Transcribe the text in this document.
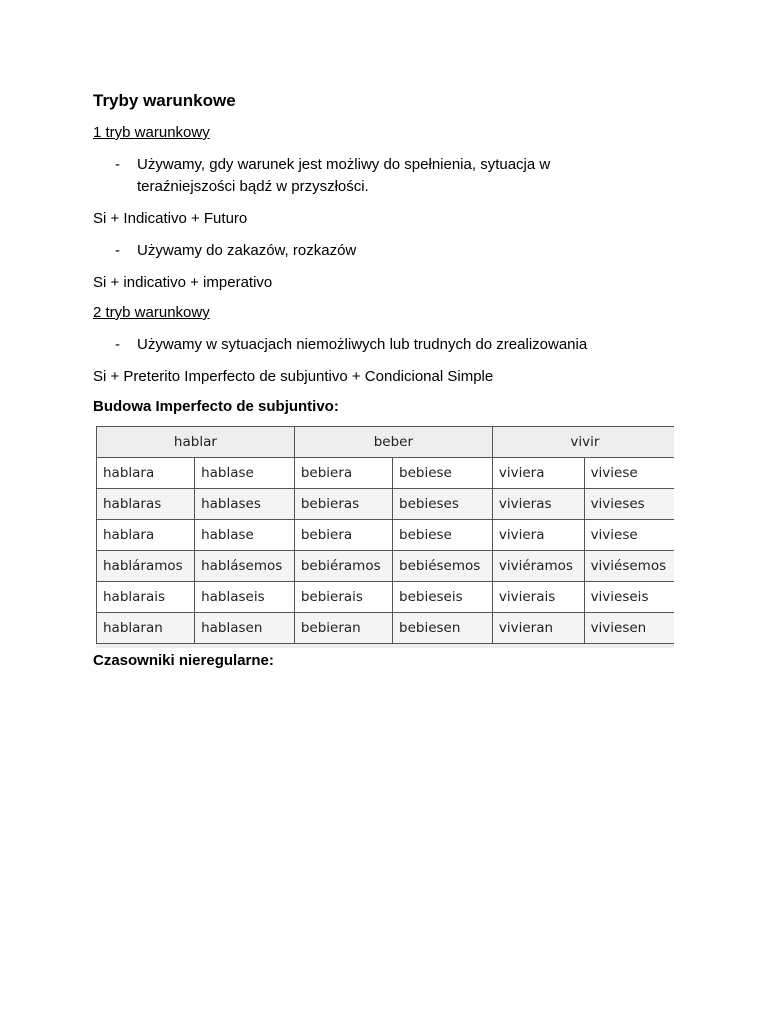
Tryby warunkowe
1 tryb warunkowy
-	Używamy, gdy warunek jest możliwy do spełnienia, sytuacja w teraźniejszości bądź w przyszłości.
Si + Indicativo + Futuro
-	Używamy do zakazów, rozkazów
Si + indicativo + imperativo
2 tryb warunkowy
-	Używamy w sytuacjach niemożliwych lub trudnych do zrealizowania
Si + Preterito Imperfecto de subjuntivo + Condicional Simple
Budowa Imperfecto de subjuntivo:
hablar		beber		vivir	
hablara	hablase	bebiera	bebiese	viviera	viviese
hablaras	hablases	bebieras	bebieses	vivieras	vivieses
hablara	hablase	bebiera	bebiese	viviera	viviese
habláramos	hablásemos	bebiéramos	bebiésemos	viviéramos	viviésemos
hablarais	hablaseis	bebierais	bebieseis	vivierais	vivieseis
hablaran	hablasen	bebieran	bebiesen	vivieran	viviesen
Czasowniki nieregularne:
